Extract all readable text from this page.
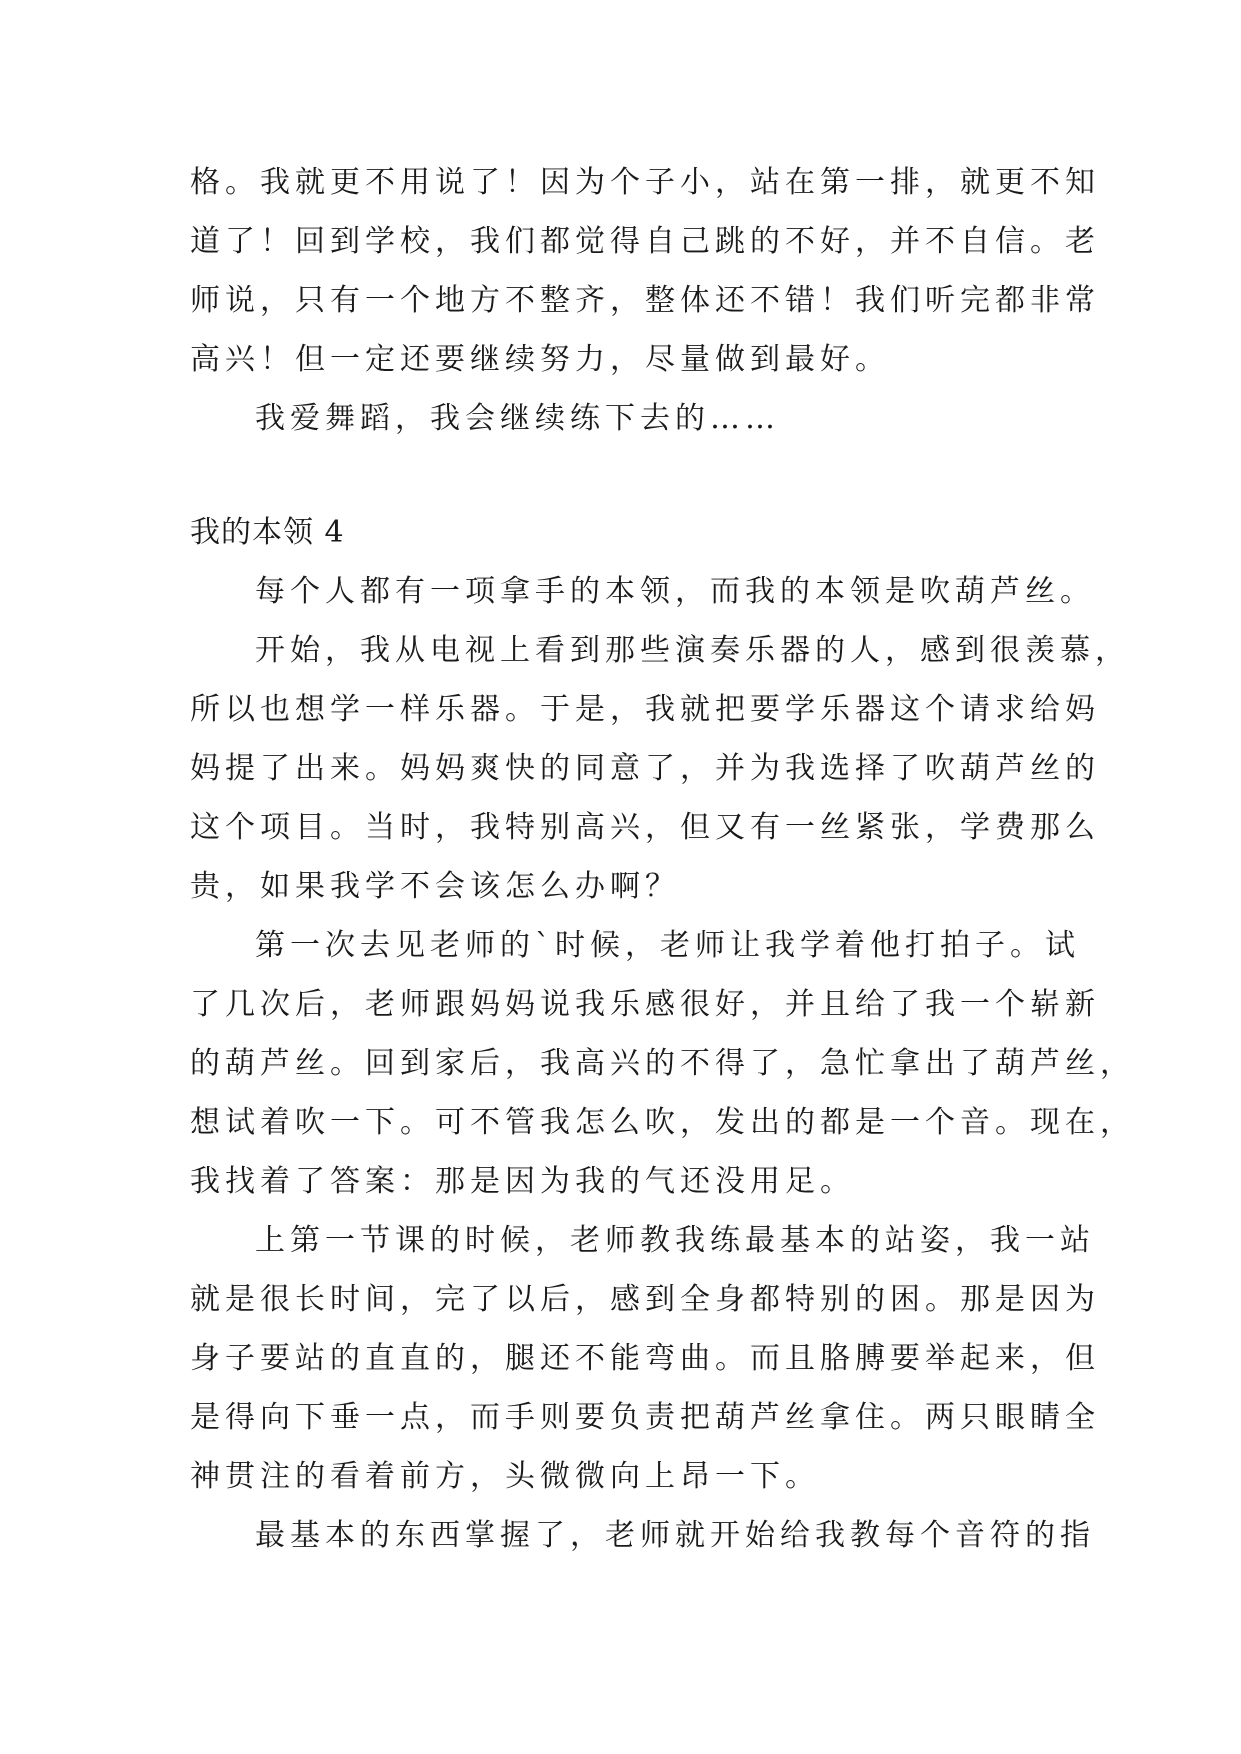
格。我就更不用说了！因为个子小，站在第一排，就更不知
道了！回到学校，我们都觉得自己跳的不好，并不自信。老
师说，只有一个地方不整齐，整体还不错！我们听完都非常
高兴！但一定还要继续努力，尽量做到最好。
我爱舞蹈，我会继续练下去的……
我的本领 4
每个人都有一项拿手的本领，而我的本领是吹葫芦丝。
开始，我从电视上看到那些演奏乐器的人，感到很羡慕，
所以也想学一样乐器。于是，我就把要学乐器这个请求给妈
妈提了出来。妈妈爽快的同意了，并为我选择了吹葫芦丝的
这个项目。当时，我特别高兴，但又有一丝紧张，学费那么
贵，如果我学不会该怎么办啊？
第一次去见老师的`时候，老师让我学着他打拍子。试
了几次后，老师跟妈妈说我乐感很好，并且给了我一个崭新
的葫芦丝。回到家后，我高兴的不得了，急忙拿出了葫芦丝，
想试着吹一下。可不管我怎么吹，发出的都是一个音。现在，
我找着了答案：那是因为我的气还没用足。
上第一节课的时候，老师教我练最基本的站姿，我一站
就是很长时间，完了以后，感到全身都特别的困。那是因为
身子要站的直直的，腿还不能弯曲。而且胳膊要举起来，但
是得向下垂一点，而手则要负责把葫芦丝拿住。两只眼睛全
神贯注的看着前方，头微微向上昂一下。
最基本的东西掌握了，老师就开始给我教每个音符的指
